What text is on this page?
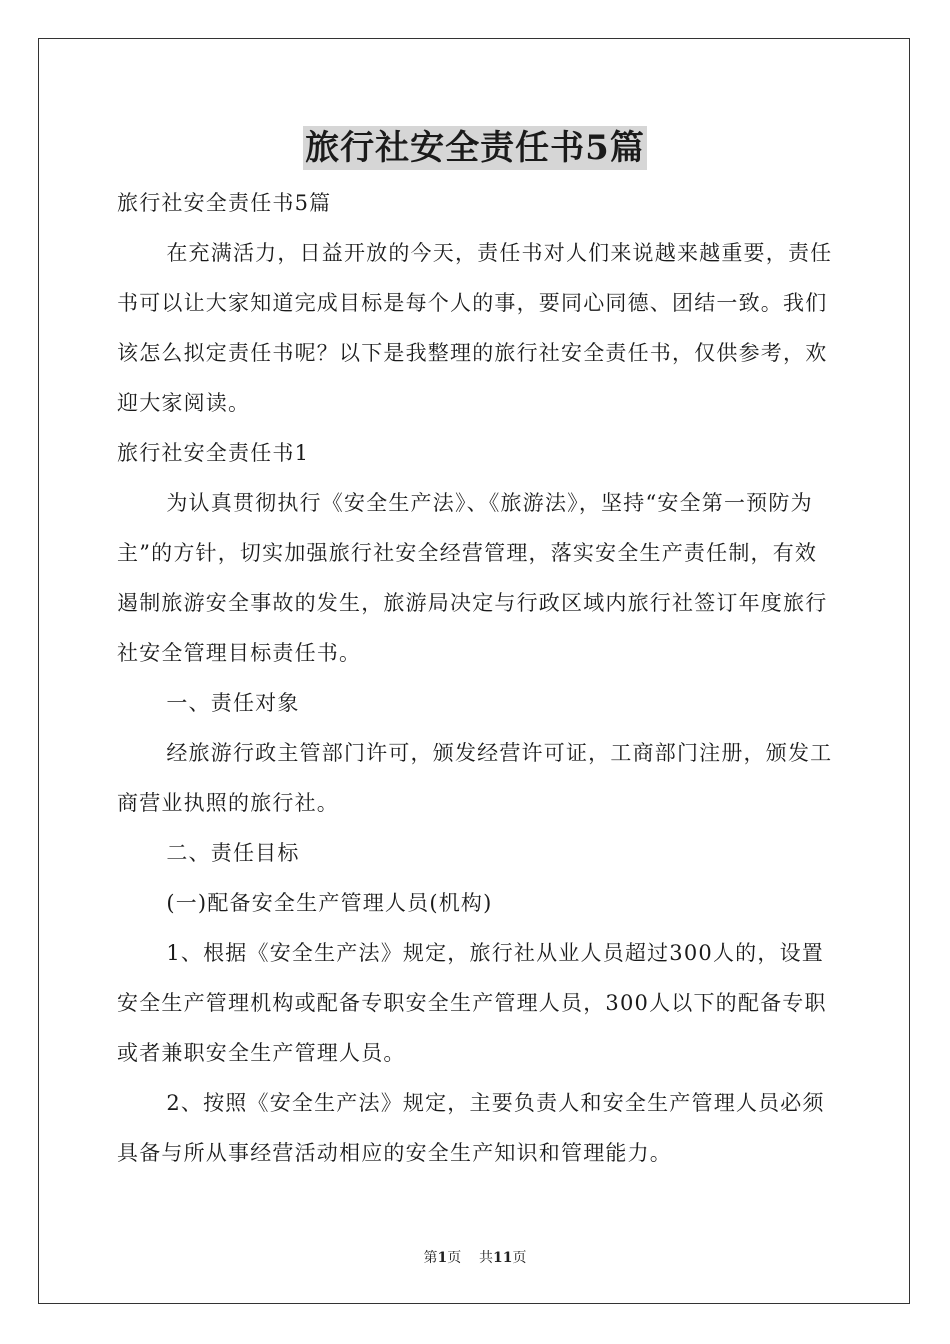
旅行社安全责任书5篇

旅行社安全责任书5篇

在充满活力，日益开放的今天，责任书对人们来说越来越重要，责任书可以让大家知道完成目标是每个人的事，要同心同德、团结一致。我们该怎么拟定责任书呢？以下是我整理的旅行社安全责任书，仅供参考，欢迎大家阅读。

旅行社安全责任书1

为认真贯彻执行《安全生产法》、《旅游法》，坚持“安全第一预防为主”的方针，切实加强旅行社安全经营管理，落实安全生产责任制，有效遏制旅游安全事故的发生，旅游局决定与行政区域内旅行社签订年度旅行社安全管理目标责任书。

一、责任对象

经旅游行政主管部门许可，颁发经营许可证，工商部门注册，颁发工商营业执照的旅行社。

二、责任目标

(一)配备安全生产管理人员(机构)

1、根据《安全生产法》规定，旅行社从业人员超过300人的，设置安全生产管理机构或配备专职安全生产管理人员，300人以下的配备专职或者兼职安全生产管理人员。

2、按照《安全生产法》规定，主要负责人和安全生产管理人员必须具备与所从事经营活动相应的安全生产知识和管理能力。

第1页 共11页
